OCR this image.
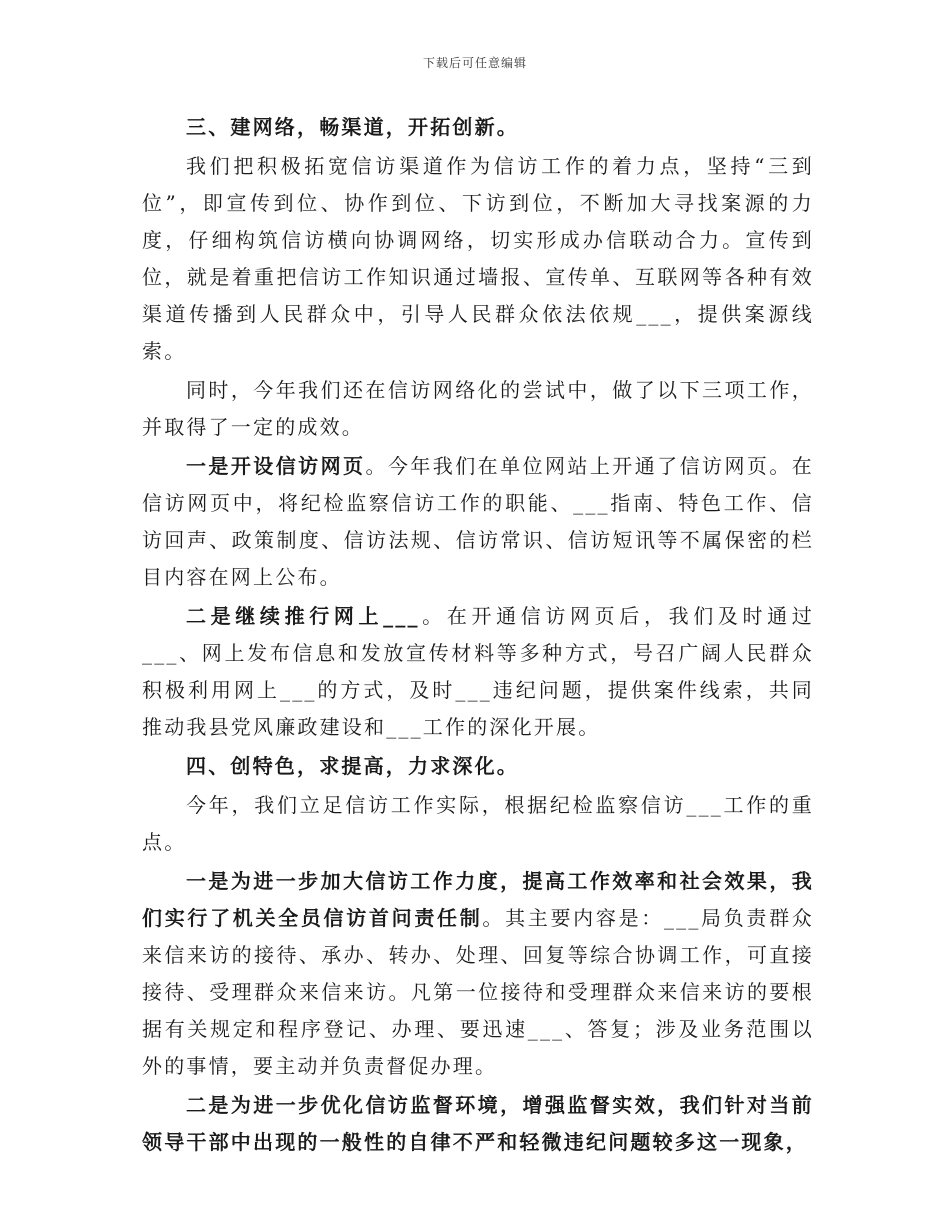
下载后可任意编辑

三、建网络，畅渠道，开拓创新。

我们把积极拓宽信访渠道作为信访工作的着力点，坚持“三到位”，即宣传到位、协作到位、下访到位，不断加大寻找案源的力度，仔细构筑信访横向协调网络，切实形成办信联动合力。宣传到位，就是着重把信访工作知识通过墙报、宣传单、互联网等各种有效渠道传播到人民群众中，引导人民群众依法依规___，提供案源线索。

同时，今年我们还在信访网络化的尝试中，做了以下三项工作，并取得了一定的成效。

一是开设信访网页。今年我们在单位网站上开通了信访网页。在信访网页中，将纪检监察信访工作的职能、___指南、特色工作、信访回声、政策制度、信访法规、信访常识、信访短讯等不属保密的栏目内容在网上公布。

二是继续推行网上___。在开通信访网页后，我们及时通过___、网上发布信息和发放宣传材料等多种方式，号召广阔人民群众积极利用网上___的方式，及时___违纪问题，提供案件线索，共同推动我县党风廉政建设和___工作的深化开展。

四、创特色，求提高，力求深化。

今年，我们立足信访工作实际，根据纪检监察信访___工作的重点。

一是为进一步加大信访工作力度，提高工作效率和社会效果，我们实行了机关全员信访首问责任制。其主要内容是：___局负责群众来信来访的接待、承办、转办、处理、回复等综合协调工作，可直接接待、受理群众来信来访。凡第一位接待和受理群众来信来访的要根据有关规定和程序登记、办理、要迅速___、答复；涉及业务范围以外的事情，要主动并负责督促办理。

二是为进一步优化信访监督环境，增强监督实效，我们针对当前领导干部中出现的一般性的自律不严和轻微违纪问题较多这一现象，
